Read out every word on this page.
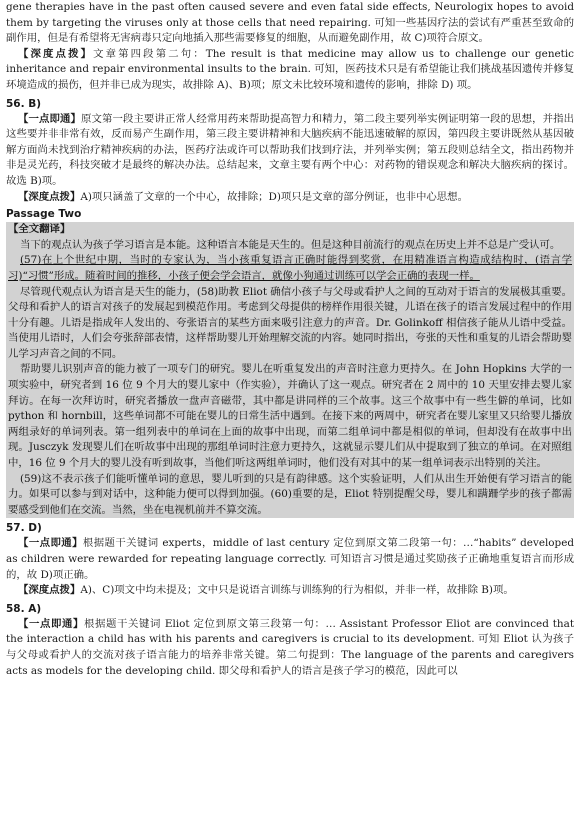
gene therapies have in the past often caused severe and even fatal side effects, Neurologix hopes to avoid them by targeting the viruses only at those cells that need repairing. 可知一些基因疗法的尝试有严重甚至致命的副作用，但是有希望将无害病毒只定向地插入那些需要修复的细胞，从而避免副作用，故 C)项符合原文。

【深度点拨】文章第四段第二句：The result is that medicine may allow us to challenge our genetic inheritance and repair environmental insults to the brain. 可知，医药技术只是有希望能让我们挑战基因遗传并修复环境造成的损伤，但并非已成为现实，故排除 A)、B)项；原文未比较环境和遗传的影响，排除 D) 项。

56. B)

【一点即通】原文第一段主要讲正常人经常用药来帮助提高智力和精力，第二段主要列举实例证明第一段的思想，并指出这些要并非非常有效，反而易产生副作用，第三段主要讲精神和大脑疾病不能迅速破解的原因，第四段主要讲既然从基因破解方面尚未找到治疗精神疾病的办法，医药疗法或许可以帮助我们找到疗法，并列举实例；第五段则总结全文，指出药物并非是灵光药，科技突破才是最终的解决办法。总结起来，文章主要有两个中心：对药物的错误观念和解决大脑疾病的探讨。故选 B)项。

【深度点拨】A)项只涵盖了文章的一个中心，故排除；D)项只是文章的部分例证，也非中心思想。

Passage Two
【全文翻译】

当下的观点认为孩子学习语言是本能。这种语言本能是天生的。但是这种目前流行的观点在历史上并不总是广受认可。

(57)在上个世纪中期，当时的专家认为，当小孩重复语言正确时能得到奖赏，在用精准语言构造成结构时，(语言学习)“习惯”形成。随着时间的推移，小孩子便会学会语言，就像小狗通过训练可以学会正确的表现一样。

尽管现代观点认为语言是天生的能力，(58)助教 Eliot 确信小孩子与父母或看护人之间的互动对于语言的发展极其重要。父母和看护人的语言对孩子的发展起到模范作用。考虑到父母提供的榜样作用很关键，儿语在孩子的语言发展过程中的作用十分有趣。儿语是指成年人发出的、夸张语言的某些方面来吸引注意力的声音。Dr. Golinkoff 相信孩子能从儿语中受益。当使用儿语时，人们会夸张辞部表情，这样帮助婴儿开始理解交流的内容。她同时指出，夸张的天性和重复的儿语会帮助婴儿学习声音之间的不同。

帮助婴儿识别声音的能力被了一项专门的研究。婴儿在听重复发出的声音时注意力更持久。在 John Hopkins 大学的一项实验中，研究者到 16 位 9 个月大的婴儿家中（作实验），并确认了这一观点。研究者在 2 周中的 10 天里安排去婴儿家拜访。在每一次拜访时，研究者播放一盘声音磁带，其中都是讲同样的三个故事。这三个故事中有一些生僻的单词，比如 python 和 hornbill，这些单词都不可能在婴儿的日常生活中遇到。在接下来的两周中，研究者在婴儿家里又只给婴儿播放两组录好的单词列表。第一组列表中的单词在上面的故事中出现，而第二组单词中都是相似的单词，但却没有在故事中出现。Jusczyk 发现婴儿们在听故事中出现的那组单词时注意力更持久，这就显示婴儿们从中提取到了独立的单词。在对照组中，16 位 9 个月大的婴儿没有听到故事，当他们听这两组单词时，他们没有对其中的某一组单词表示出特别的关注。

(59)这不表示孩子们能听懂单词的意思，婴儿听到的只是有韵律感。这个实验证明，人们从出生开始便有学习语言的能力。如果可以参与到对话中，这种能力便可以得到加强。(60)重要的是，Eliot 特别提醒父母，婴儿和蹒跚学步的孩子都需要感受到他们在交流。当然，坐在电视机前并不算交流。

57. D)

【一点即通】根据题干关键词 experts，middle of last century 定位到原文第二段第一句：…“habits” developed as children were rewarded for repeating language correctly. 可知语言习惯是通过奖励孩子正确地重复语言而形成的，故 D)项正确。

【深度点拨】A)、C)项文中均未提及；文中只是说语言训练与训练狗的行为相似，并非一样，故排除 B)项。

58. A)

【一点即通】根据题干关键词 Eliot 定位到原文第三段第一句：… Assistant Professor Eliot are convinced that the interaction a child has with his parents and caregivers is crucial to its development. 可知 Eliot 认为孩子与父母或看护人的交流对孩子语言能力的培养非常关键。第二句提到：The language of the parents and caregivers acts as models for the developing child. 即父母和看护人的语言是孩子学习的模范，因此可以
